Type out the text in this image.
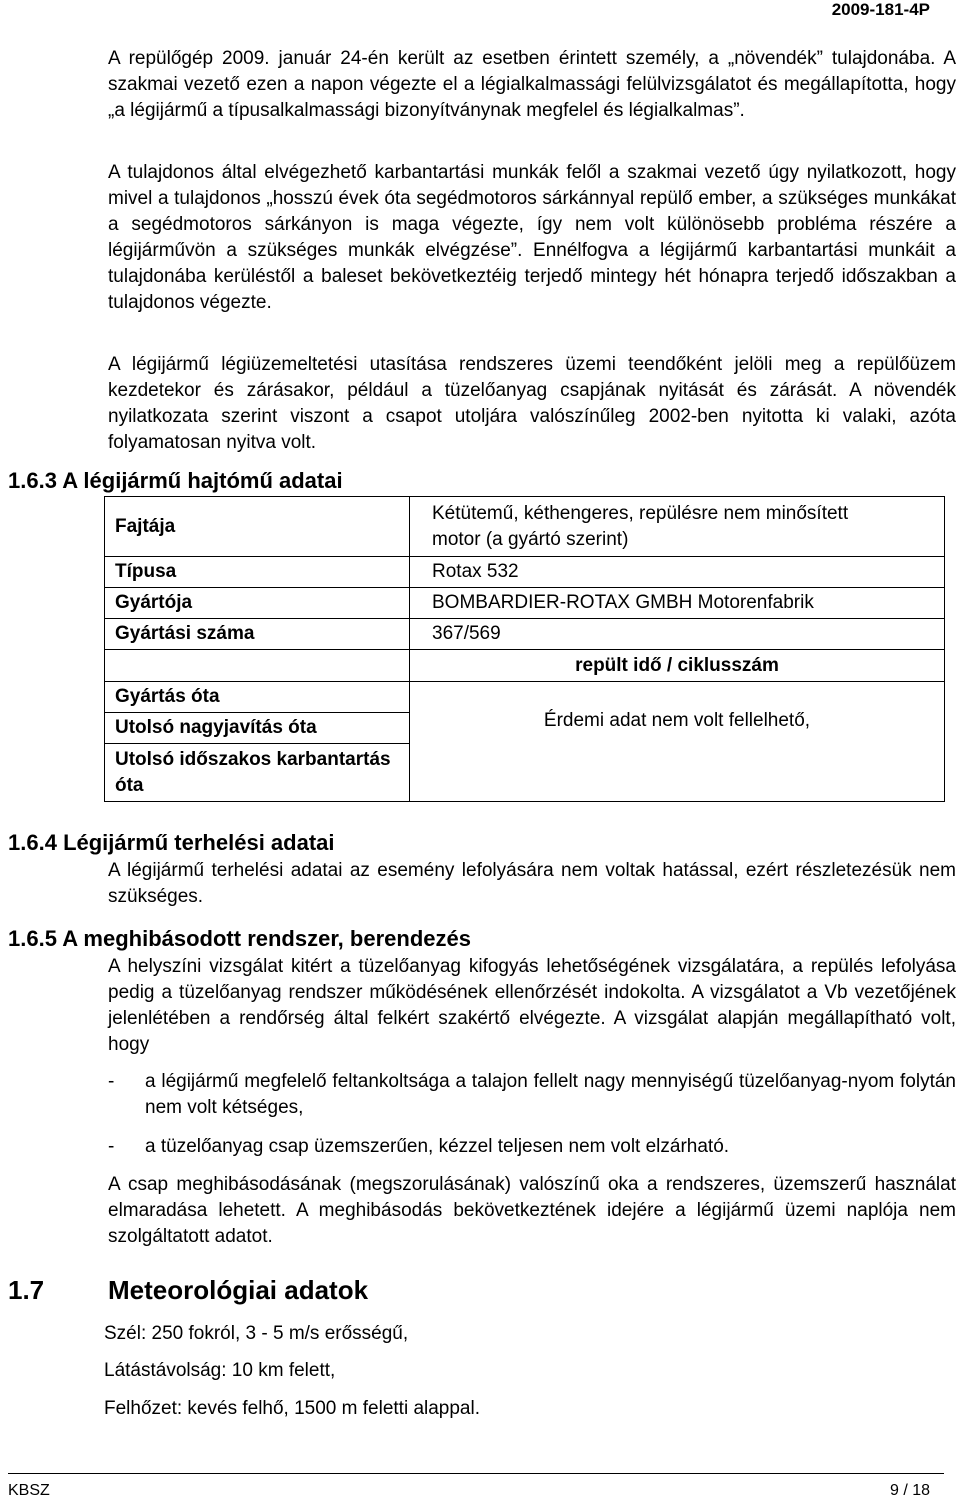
2009-181-4P
A repülőgép 2009. január 24-én került az esetben érintett személy, a „növendék” tulajdonába. A szakmai vezető ezen a napon végezte el a légialkalmassági felülvizsgálatot és megállapította, hogy „a légijármű a típusalkalmassági bizonyítványnak megfelel és légialkalmas”.
A tulajdonos által elvégezhető karbantartási munkák felől a szakmai vezető úgy nyilatkozott, hogy mivel a tulajdonos „hosszú évek óta segédmotoros sárkánnyal repülő ember, a szükséges munkákat a segédmotoros sárkányon is maga végezte, így nem volt különösebb probléma részére a légijárművön a szükséges munkák elvégzése”. Ennélfogva a légijármű karbantartási munkáit a tulajdonába kerüléstől a baleset bekövetkeztéig terjedő mintegy hét hónapra terjedő időszakban a tulajdonos végezte.
A légijármű légiüzemeltetési utasítása rendszeres üzemi teendőként jelöli meg a repülőüzem kezdetekor és zárásakor, például a tüzelőanyag csapjának nyitását és zárását. A növendék nyilatkozata szerint viszont a csapot utoljára valószínűleg 2002-ben nyitotta ki valaki, azóta folyamatosan nyitva volt.
1.6.3 A légijármű hajtómű adatai
Fajtája	Kétütemű, kéthengeres, repülésre nem minősített motor (a gyártó szerint)
Típusa	Rotax 532
Gyártója	BOMBARDIER-ROTAX GMBH Motorenfabrik
Gyártási száma	367/569
	repült idő / ciklusszám
Gyártás óta	Érdemi adat nem volt fellelhető,
Utolsó nagyjavítás óta	
Utolsó időszakos karbantartás óta	
1.6.4 Légijármű terhelési adatai
A légijármű terhelési adatai az esemény lefolyására nem voltak hatással, ezért részletezésük nem szükséges.
1.6.5 A meghibásodott rendszer, berendezés
A helyszíni vizsgálat kitért a tüzelőanyag kifogyás lehetőségének vizsgálatára, a repülés lefolyása pedig a tüzelőanyag rendszer működésének ellenőrzését indokolta. A vizsgálatot a Vb vezetőjének jelenlétében a rendőrség által felkért szakértő elvégezte. A vizsgálat alapján megállapítható volt, hogy
- a légijármű megfelelő feltankoltsága a talajon fellelt nagy mennyiségű tüzelőanyag-nyom folytán nem volt kétséges,
- a tüzelőanyag csap üzemszerűen, kézzel teljesen nem volt elzárható.
A csap meghibásodásának (megszorulásának) valószínű oka a rendszeres, üzemszerű használat elmaradása lehetett. A meghibásodás bekövetkeztének idejére a légijármű üzemi naplója nem szolgáltatott adatot.
1.7 Meteorológiai adatok
Szél: 250 fokról, 3 - 5 m/s erősségű,
Látástávolság: 10 km felett,
Felhőzet: kevés felhő, 1500 m feletti alappal.
KBSZ	9 / 18
